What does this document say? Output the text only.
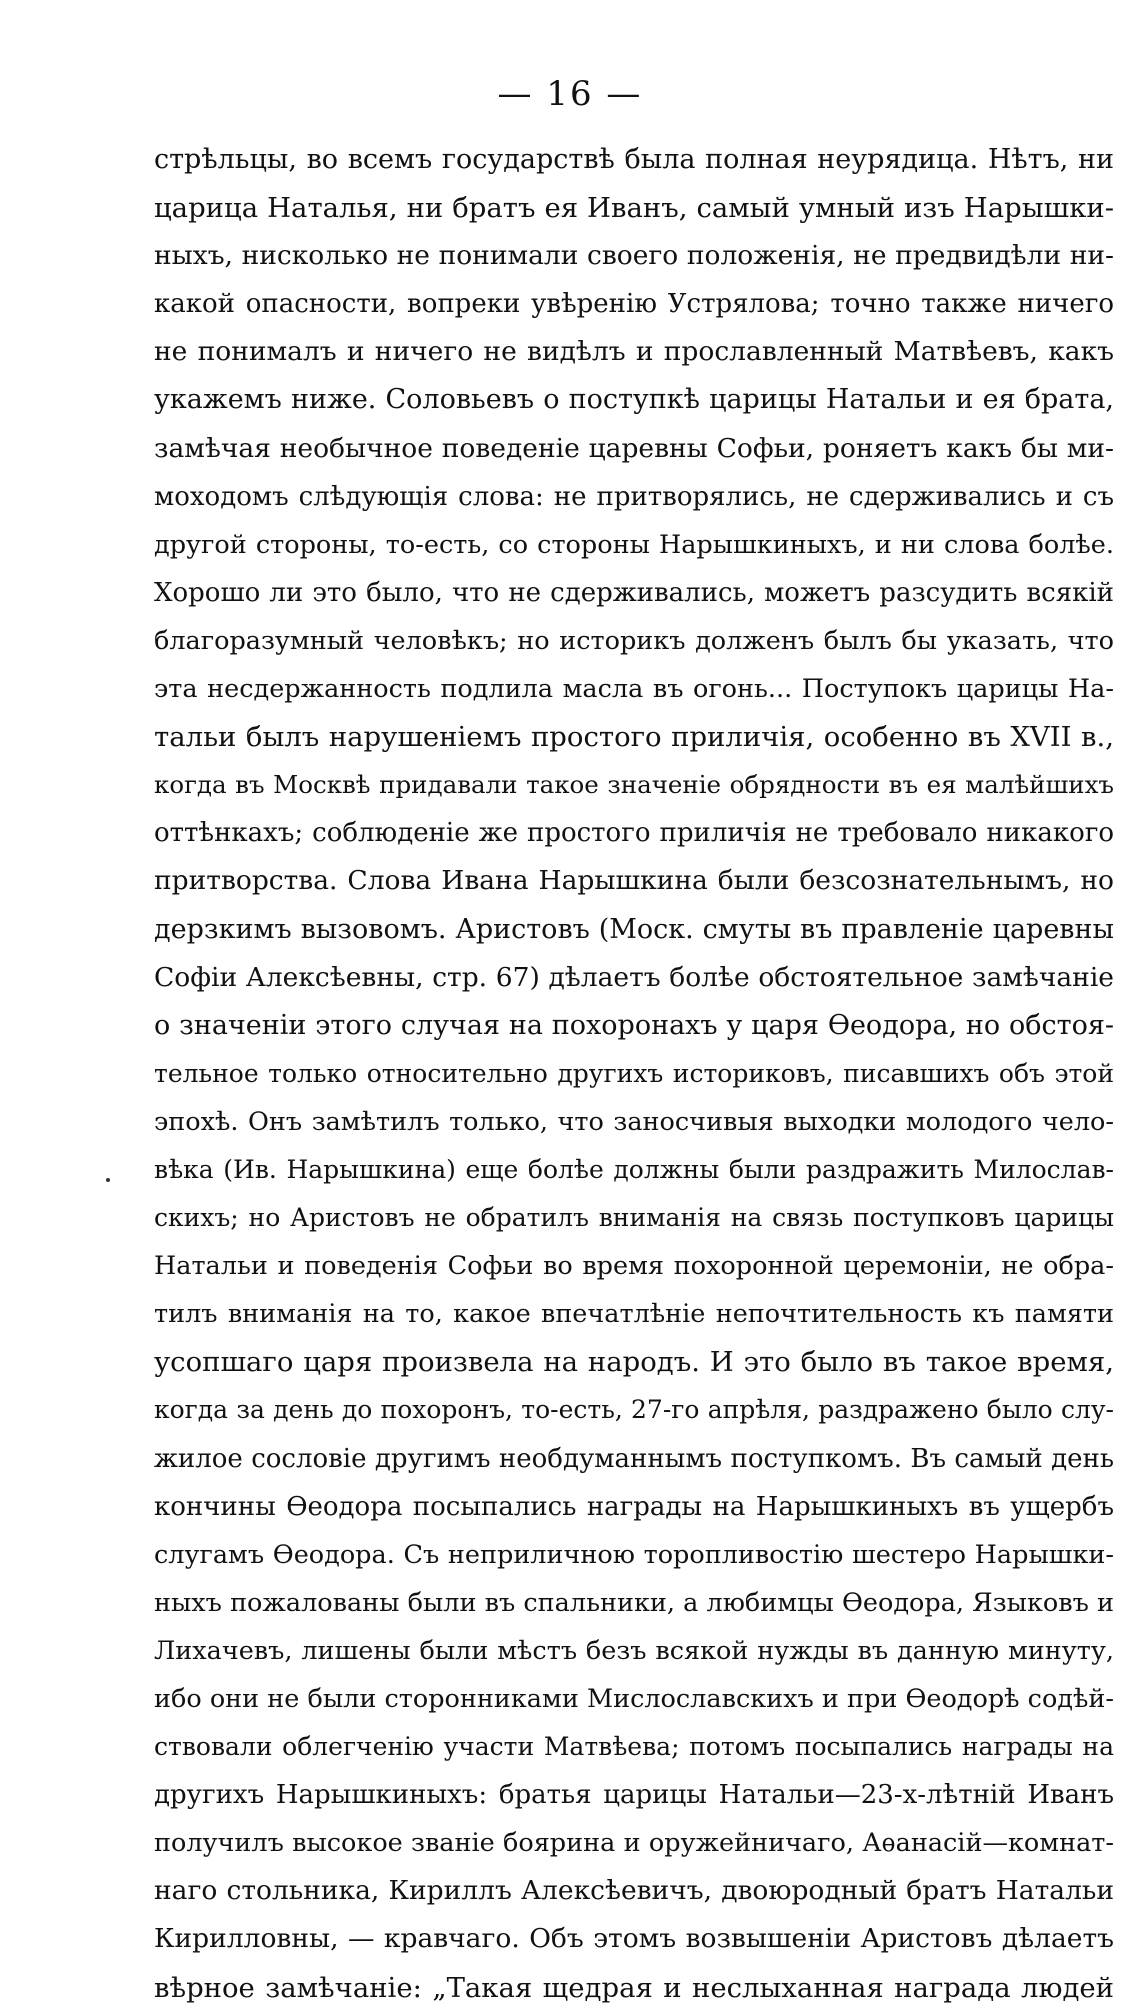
— 16 —
стрѣльцы, во всемъ государствѣ была полная неурядица. Нѣтъ, ни
царица Наталья, ни братъ ея Иванъ, самый умный изъ Нарышки-
ныхъ, нисколько не понимали своего положенія, не предвидѣли ни-
какой опасности, вопреки увѣренію Устрялова; точно также ничего
не понималъ и ничего не видѣлъ и прославленный Матвѣевъ, какъ
укажемъ ниже. Соловьевъ о поступкѣ царицы Натальи и ея брата,
замѣчая необычное поведеніе царевны Софьи, роняетъ какъ бы ми-
моходомъ слѣдующія слова: не притворялись, не сдерживались и съ
другой стороны, то-есть, со стороны Нарышкиныхъ, и ни слова болѣе.
Хорошо ли это было, что не сдерживались, можетъ разсудить всякій
благоразумный человѣкъ; но историкъ долженъ былъ бы указать, что
эта несдержанность подлила масла въ огонь... Поступокъ царицы На-
тальи былъ нарушеніемъ простого приличія, особенно въ XVII в.,
когда въ Москвѣ придавали такое значеніе обрядности въ ея малѣйшихъ
оттѣнкахъ; соблюденіе же простого приличія не требовало никакого
притворства. Слова Ивана Нарышкина были безсознательнымъ, но
дерзкимъ вызовомъ. Аристовъ (Моск. смуты въ правленіе царевны
Софіи Алексѣевны, стр. 67) дѣлаетъ болѣе обстоятельное замѣчаніе
о значеніи этого случая на похоронахъ у царя Ѳеодора, но обстоя-
тельное только относительно другихъ историковъ, писавшихъ объ этой
эпохѣ. Онъ замѣтилъ только, что заносчивыя выходки молодого чело-
вѣка (Ив. Нарышкина) еще болѣе должны были раздражить Милослав-
скихъ; но Аристовъ не обратилъ вниманія на связь поступковъ царицы
Натальи и поведенія Софьи во время похоронной церемоніи, не обра-
тилъ вниманія на то, какое впечатлѣніе непочтительность къ памяти
усопшаго царя произвела на народъ. И это было въ такое время,
когда за день до похоронъ, то-есть, 27-го апрѣля, раздражено было слу-
жилое сословіе другимъ необдуманнымъ поступкомъ. Въ самый день
кончины Ѳеодора посыпались награды на Нарышкиныхъ въ ущербъ
слугамъ Ѳеодора. Съ неприличною торопливостію шестеро Нарышки-
ныхъ пожалованы были въ спальники, а любимцы Ѳеодора, Языковъ и
Лихачевъ, лишены были мѣстъ безъ всякой нужды въ данную минуту,
ибо они не были сторонниками Мислославскихъ и при Ѳеодорѣ содѣй-
ствовали облегченію участи Матвѣева; потомъ посыпались награды на
другихъ Нарышкиныхъ: братья царицы Натальи—23-х-лѣтній Иванъ
получилъ высокое званіе боярина и оружейничаго, Аѳанасій—комнат-
наго стольника, Кириллъ Алексѣевичъ, двоюродный братъ Натальи
Кирилловны, — кравчаго. Объ этомъ возвышеніи Аристовъ дѣлаетъ
вѣрное замѣчаніе: „Такая щедрая и неслыханная награда людей
